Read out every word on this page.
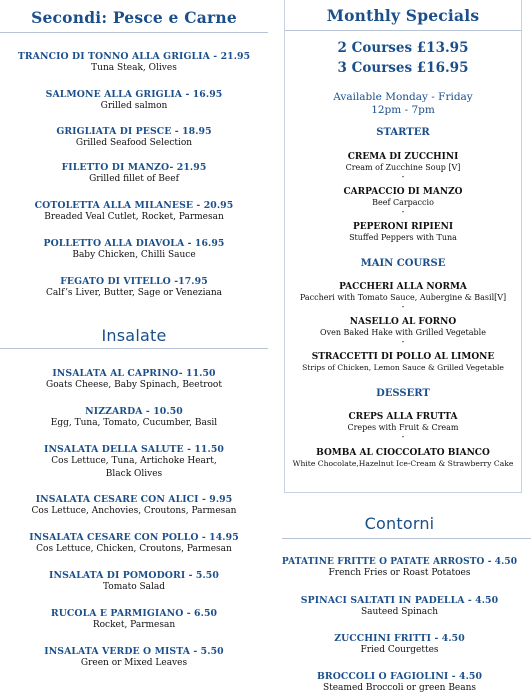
Secondi: Pesce e Carne
TRANCIO DI TONNO ALLA GRIGLIA - 21.95
Tuna Steak, Olives
SALMONE ALLA GRIGLIA - 16.95
Grilled salmon
GRIGLIATA DI PESCE - 18.95
Grilled Seafood Selection
FILETTO DI MANZO- 21.95
Grilled fillet of Beef
COTOLETTA ALLA MILANESE - 20.95
Breaded Veal Cutlet, Rocket, Parmesan
POLLETTO ALLA DIAVOLA - 16.95
Baby Chicken, Chilli Sauce
FEGATO DI VITELLO -17.95
Calf’s Liver, Butter, Sage or Veneziana
Insalate
INSALATA AL CAPRINO- 11.50
Goats Cheese, Baby Spinach, Beetroot
NIZZARDA - 10.50
Egg, Tuna, Tomato, Cucumber, Basil
INSALATA DELLA SALUTE - 11.50
Cos Lettuce, Tuna, Artichoke Heart,
Black Olives
INSALATA CESARE CON ALICI - 9.95
Cos Lettuce, Anchovies, Croutons, Parmesan
INSALATA CESARE CON POLLO - 14.95
Cos Lettuce, Chicken, Croutons, Parmesan
INSALATA DI POMODORI - 5.50
Tomato Salad
RUCOLA E PARMIGIANO - 6.50
Rocket, Parmesan
INSALATA VERDE O MISTA - 5.50
Green or Mixed Leaves
Monthly Specials
2 Courses £13.95
3 Courses £16.95
Available Monday - Friday
12pm - 7pm
STARTER
CREMA DI ZUCCHINI
Cream of Zucchine Soup [V]
-
CARPACCIO DI MANZO
Beef Carpaccio
-
PEPERONI RIPIENI
Stuffed Peppers with Tuna
MAIN COURSE
PACCHERI ALLA NORMA
Paccheri with Tomato Sauce, Aubergine & Basil[V]
-
NASELLO AL FORNO
Oven Baked Hake with Grilled Vegetable
-
STRACCETTI DI POLLO AL LIMONE
Strips of Chicken, Lemon Sauce & Grilled Vegetable
DESSERT
CREPS ALLA FRUTTA
Crepes with Fruit & Cream
-
BOMBA AL CIOCCOLATO BIANCO
White Chocolate,Hazelnut Ice-Cream & Strawberry Cake
Contorni
PATATINE FRITTE O PATATE ARROSTO - 4.50
French Fries or Roast Potatoes
SPINACI SALTATI IN PADELLA - 4.50
Sauteed Spinach
ZUCCHINI FRITTI - 4.50
Fried Courgettes
BROCCOLI O FAGIOLINI - 4.50
Steamed Broccoli or green Beans
